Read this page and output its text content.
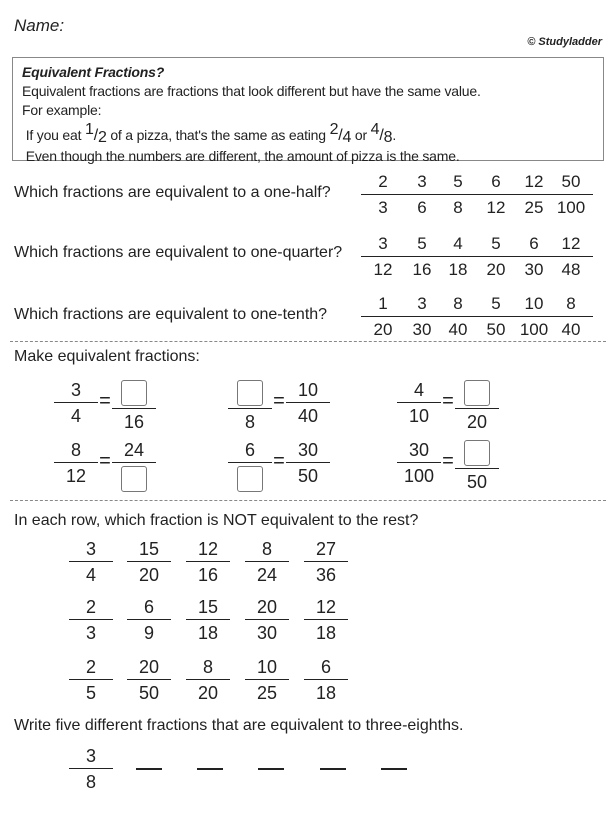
Name:
© Studyladder
Equivalent Fractions?
Equivalent fractions are fractions that look different but have the same value.
For example:
If you eat 1/2 of a pizza, that's the same as eating 2/4 or 4/8.
Even though the numbers are different, the amount of pizza is the same.
Which fractions are equivalent to a one-half?
Which fractions are equivalent to one-quarter?
Which fractions are equivalent to one-tenth?
2
3
3
6
5
8
6
12
12
25
50
100
3
12
5
16
4
18
5
20
6
30
12
48
1
20
3
30
8
40
5
50
10
100
8
40
Make equivalent fractions:
3
4
=
16	8
= 10
40
4
10
=
20
8
12
= 24	6 = 30
50
30
100
=
50
In each row, which fraction is NOT equivalent to the rest?
3
4
15
20
12
16
8
24
27
36
2
3
6
9
15
18
20
30
12
18
2
5
20
50
8
20
10
25
6
18
Write five different fractions that are equivalent to three-eighths.
3
8
